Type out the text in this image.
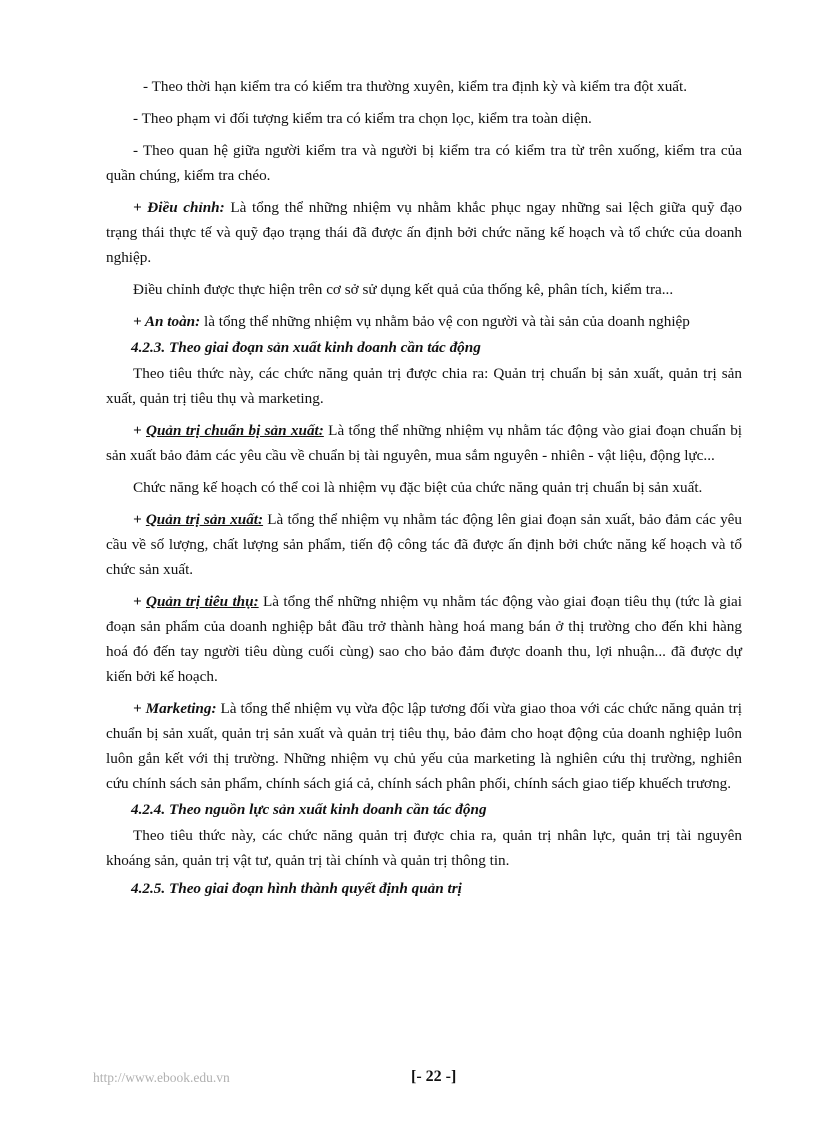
- Theo thời hạn kiểm tra có kiểm tra thường xuyên, kiểm tra định kỳ và kiểm tra đột xuất.

- Theo phạm vi đối tượng kiểm tra có kiểm tra chọn lọc, kiểm tra toàn diện.

- Theo quan hệ giữa người kiểm tra và người bị kiểm tra có kiểm tra từ trên xuống, kiểm tra của quần chúng, kiểm tra chéo.

+ Điều chỉnh: Là tổng thể những nhiệm vụ nhằm khắc phục ngay những sai lệch giữa quỹ đạo trạng thái thực tế và quỹ đạo trạng thái đã được ấn định bởi chức năng kế hoạch và tổ chức của doanh nghiệp.

Điều chỉnh được thực hiện trên cơ sở sử dụng kết quả của thống kê, phân tích, kiểm tra...

+ An toàn: là tổng thể những nhiệm vụ nhằm bảo vệ con người và tài sản của doanh nghiệp

4.2.3. Theo giai đoạn sản xuất kinh doanh cần tác động

Theo tiêu thức này, các chức năng quản trị được chia ra: Quản trị chuẩn bị sản xuất, quản trị sản xuất, quản trị tiêu thụ và marketing.

+ Quản trị chuẩn bị sản xuất: Là tổng thể những nhiệm vụ nhằm tác động vào giai đoạn chuẩn bị sản xuất bảo đảm các yêu cầu về chuẩn bị tài nguyên, mua sắm nguyên - nhiên - vật liệu, động lực...

Chức năng kế hoạch có thể coi là nhiệm vụ đặc biệt của chức năng quản trị chuẩn bị sản xuất.

+ Quản trị sản xuất: Là tổng thể nhiệm vụ nhằm tác động lên giai đoạn sản xuất, bảo đảm các yêu cầu về số lượng, chất lượng sản phẩm, tiến độ công tác đã được ấn định bởi chức năng kế hoạch và tổ chức sản xuất.

+ Quản trị tiêu thụ: Là tổng thể những nhiệm vụ nhằm tác động vào giai đoạn tiêu thụ (tức là giai đoạn sản phẩm của doanh nghiệp bắt đầu trở thành hàng hoá mang bán ở thị trường cho đến khi hàng hoá đó đến tay người tiêu dùng cuối cùng) sao cho bảo đảm được doanh thu, lợi nhuận... đã được dự kiến bởi kế hoạch.

+ Marketing: Là tổng thể nhiệm vụ vừa độc lập tương đối vừa giao thoa với các chức năng quản trị chuẩn bị sản xuất, quản trị sản xuất và quản trị tiêu thụ, bảo đảm cho hoạt động của doanh nghiệp luôn luôn gắn kết với thị trường. Những nhiệm vụ chủ yếu của marketing là nghiên cứu thị trường, nghiên cứu chính sách sản phẩm, chính sách giá cả, chính sách phân phối, chính sách giao tiếp khuếch trương.

4.2.4. Theo nguồn lực sản xuất kinh doanh cần tác động

Theo tiêu thức này, các chức năng quản trị được chia ra, quản trị nhân lực, quản trị tài nguyên khoáng sản, quản trị vật tư, quản trị tài chính và quản trị thông tin.

4.2.5. Theo giai đoạn hình thành quyết định quản trị

http://www.ebook.edu.vn	[- 22 -]
